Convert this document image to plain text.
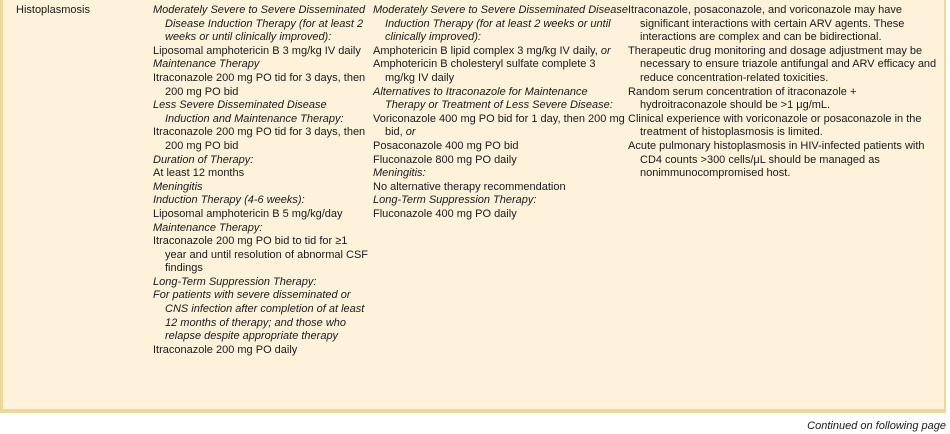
Histoplasmosis	Moderately Severe to Severe Disseminated Disease Induction Therapy (for at least 2 weeks or until clinically improved):
Liposomal amphotericin B 3 mg/kg IV daily
Maintenance Therapy
Itraconazole 200 mg PO tid for 3 days, then 200 mg PO bid
Less Severe Disseminated Disease Induction and Maintenance Therapy:
Itraconazole 200 mg PO tid for 3 days, then 200 mg PO bid
Duration of Therapy:
At least 12 months
Meningitis
Induction Therapy (4-6 weeks):
Liposomal amphotericin B 5 mg/kg/day
Maintenance Therapy:
Itraconazole 200 mg PO bid to tid for ≥1 year and until resolution of abnormal CSF findings
Long-Term Suppression Therapy:
For patients with severe disseminated or CNS infection after completion of at least 12 months of therapy; and those who relapse despite appropriate therapy
Itraconazole 200 mg PO daily
Moderately Severe to Severe Disseminated Disease Induction Therapy (for at least 2 weeks or until clinically improved):
Amphotericin B lipid complex 3 mg/kg IV daily, or
Amphotericin B cholesteryl sulfate complete 3 mg/kg IV daily
Alternatives to Itraconazole for Maintenance Therapy or Treatment of Less Severe Disease:
Voriconazole 400 mg PO bid for 1 day, then 200 mg bid, or
Posaconazole 400 mg PO bid
Fluconazole 800 mg PO daily
Meningitis:
No alternative therapy recommendation
Long-Term Suppression Therapy:
Fluconazole 400 mg PO daily
Itraconazole, posaconazole, and voriconazole may have significant interactions with certain ARV agents. These interactions are complex and can be bidirectional.
Therapeutic drug monitoring and dosage adjustment may be necessary to ensure triazole antifungal and ARV efficacy and reduce concentration-related toxicities.
Random serum concentration of itraconazole + hydroitraconazole should be >1 μg/mL.
Clinical experience with voriconazole or posaconazole in the treatment of histoplasmosis is limited.
Acute pulmonary histoplasmosis in HIV-infected patients with CD4 counts >300 cells/μL should be managed as nonimmunocompromised host.
Continued on following page
